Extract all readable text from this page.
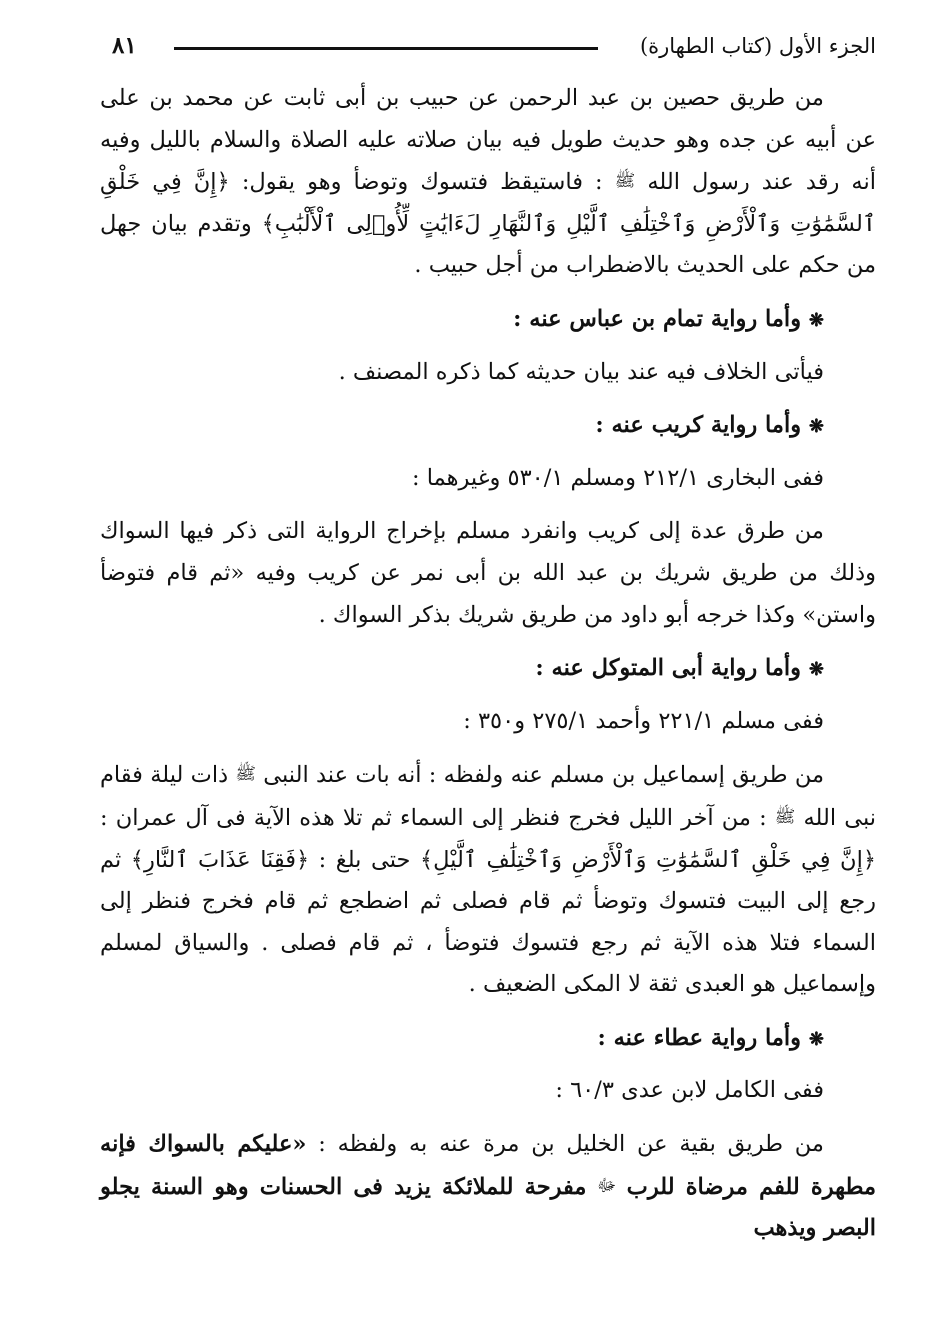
الجزء الأول (كتاب الطهارة)
٨١

من طريق حصين بن عبد الرحمن عن حبيب بن أبى ثابت عن محمد بن على عن أبيه عن جده وهو حديث طويل فيه بيان صلاته عليه الصلاة والسلام بالليل وفيه أنه رقد عند رسول الله ﷺ : فاستيقظ فتسوك وتوضأ وهو يقول: ﴿إِنَّ فِي خَلْقِ ٱلسَّمَٰوَٰتِ وَٱلْأَرْضِ وَٱخْتِلَٰفِ ٱلَّيْلِ وَٱلنَّهَارِ لَءَايَٰتٍ لِّأُو۟لِى ٱلْأَلْبَٰبِ﴾ وتقدم بيان جهل من حكم على الحديث بالاضطراب من أجل حبيب .

❋ وأما رواية تمام بن عباس عنه :
فيأتى الخلاف فيه عند بيان حديثه كما ذكره المصنف .
❋ وأما رواية كريب عنه :
ففى البخارى ٢١٢/١ ومسلم ٥٣٠/١ وغيرهما :

من طرق عدة إلى كريب وانفرد مسلم بإخراج الرواية التى ذكر فيها السواك وذلك من طريق شريك بن عبد الله بن أبى نمر عن كريب وفيه «ثم قام فتوضأ واستن» وكذا خرجه أبو داود من طريق شريك بذكر السواك .

❋ وأما رواية أبى المتوكل عنه :
ففى مسلم ٢٢١/١ وأحمد ٢٧٥/١ و٣٥٠ :

من طريق إسماعيل بن مسلم عنه ولفظه : أنه بات عند النبى ﷺ ذات ليلة فقام نبى الله ﷺ : من آخر الليل فخرج فنظر إلى السماء ثم تلا هذه الآية فى آل عمران : ﴿إِنَّ فِي خَلْقِ ٱلسَّمَٰوَٰتِ وَٱلْأَرْضِ وَٱخْتِلَٰفِ ٱلَّيْلِ﴾ حتى بلغ : ﴿فَقِنَا عَذَابَ ٱلنَّارِ﴾ ثم رجع إلى البيت فتسوك وتوضأ ثم قام فصلى ثم اضطجع ثم قام فخرج فنظر إلى السماء فتلا هذه الآية ثم رجع فتسوك فتوضأ ، ثم قام فصلى . والسياق لمسلم وإسماعيل هو العبدى ثقة لا المكى الضعيف .

❋ وأما رواية عطاء عنه :
ففى الكامل لابن عدى ٦٠/٣ :

من طريق بقية عن الخليل بن مرة عنه به ولفظه : «عليكم بالسواك فإنه مطهرة للفم مرضاة للرب ﷻ مفرحة للملائكة يزيد فى الحسنات وهو السنة يجلو البصر ويذهب
